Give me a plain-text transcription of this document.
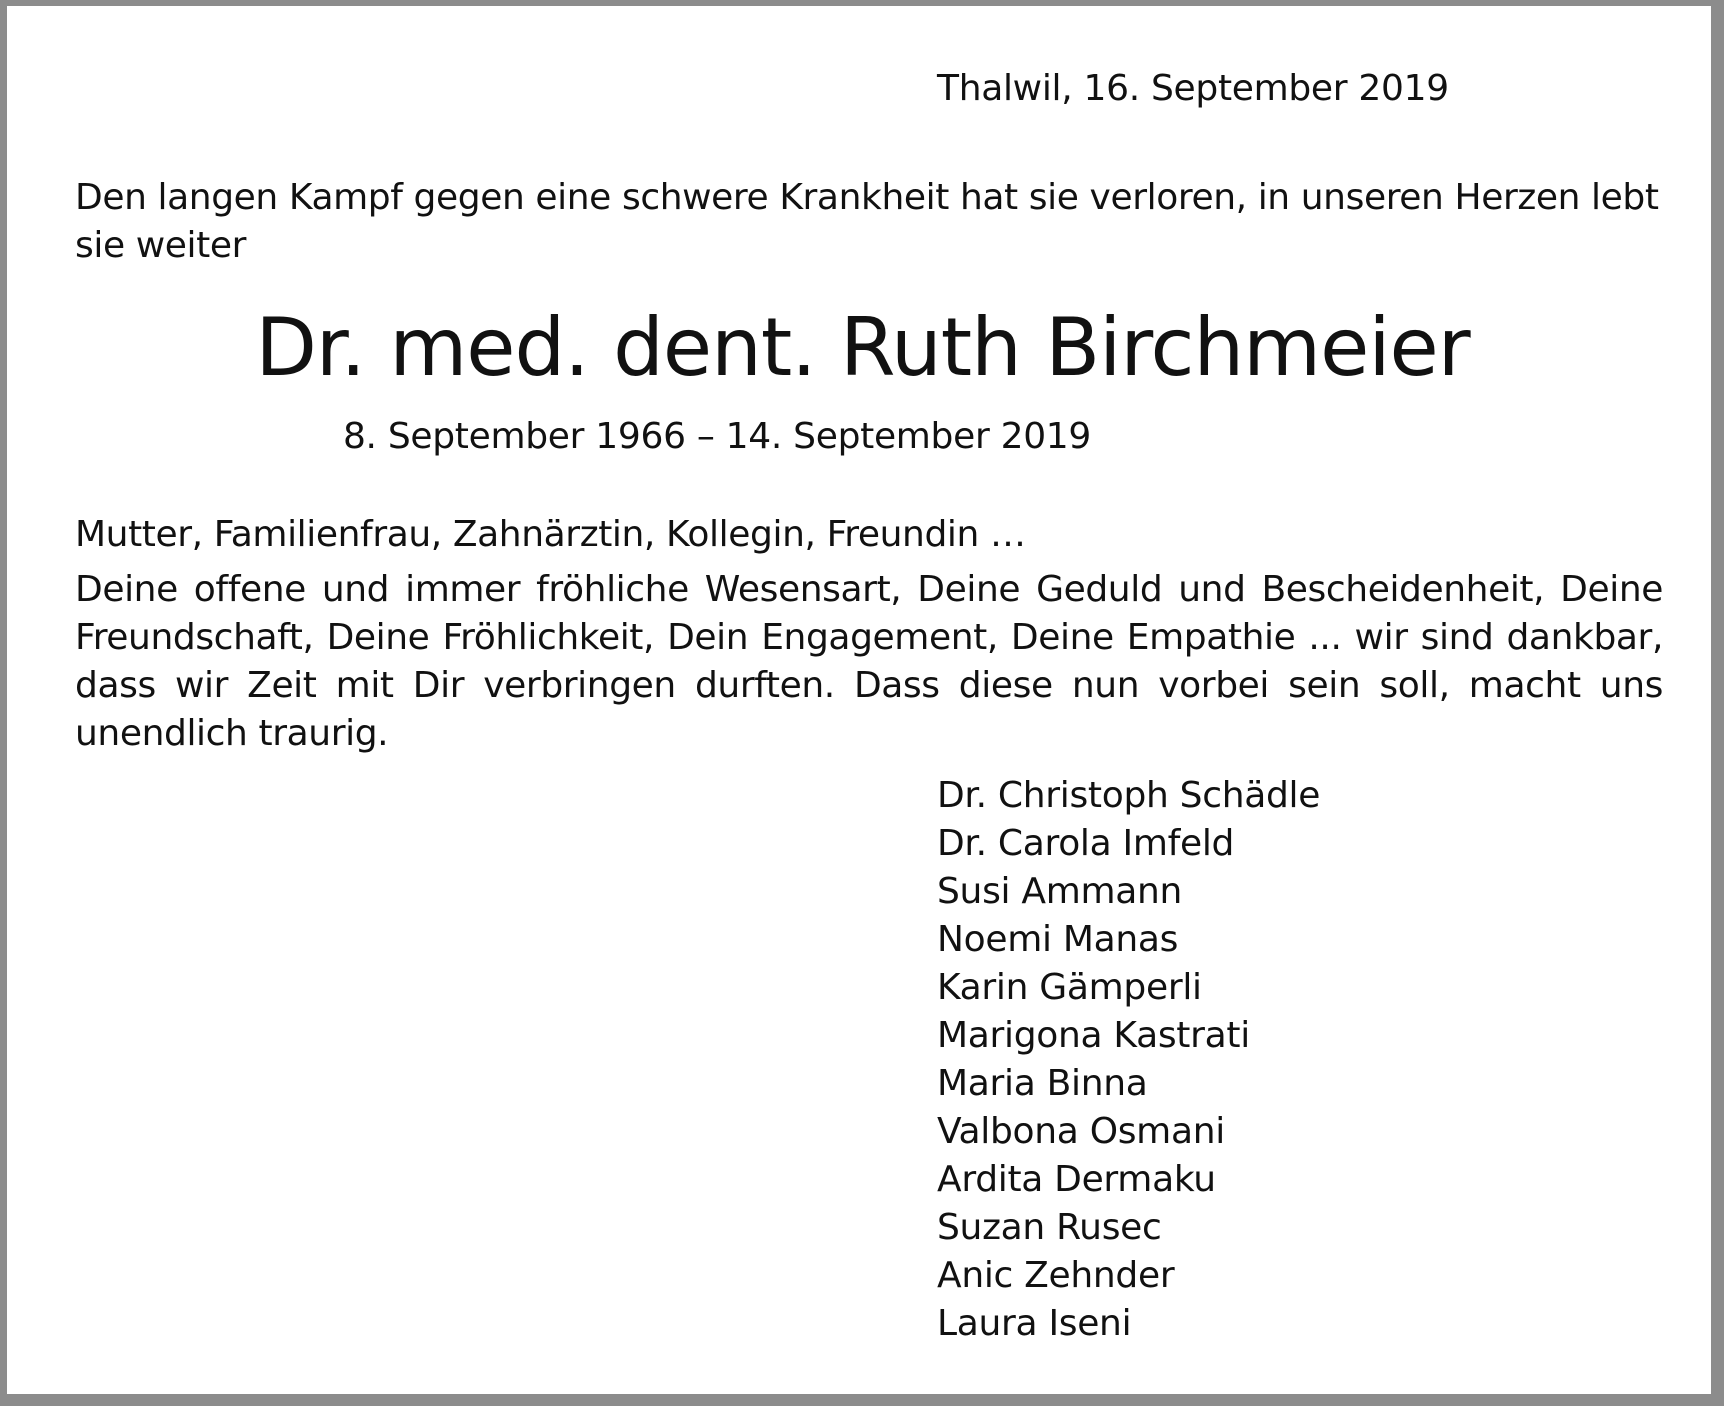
Thalwil, 16. September 2019

Den langen Kampf gegen eine schwere Krankheit hat sie verloren, in unseren Herzen lebt sie weiter

Dr. med. dent. Ruth Birchmeier
8. September 1966 – 14. September 2019

Mutter, Familienfrau, Zahnärztin, Kollegin, Freundin …

Deine offene und immer fröhliche Wesensart, Deine Geduld und Bescheidenheit, Deine Freundschaft, Deine Fröhlichkeit, Dein Engagement, Deine Empathie ... wir sind dankbar, dass wir Zeit mit Dir verbringen durften. Dass diese nun vorbei sein soll, macht uns unendlich traurig.

Dr. Christoph Schädle
Dr. Carola Imfeld
Susi Ammann
Noemi Manas
Karin Gämperli
Marigona Kastrati
Maria Binna
Valbona Osmani
Ardita Dermaku
Suzan Rusec
Anic Zehnder
Laura Iseni
